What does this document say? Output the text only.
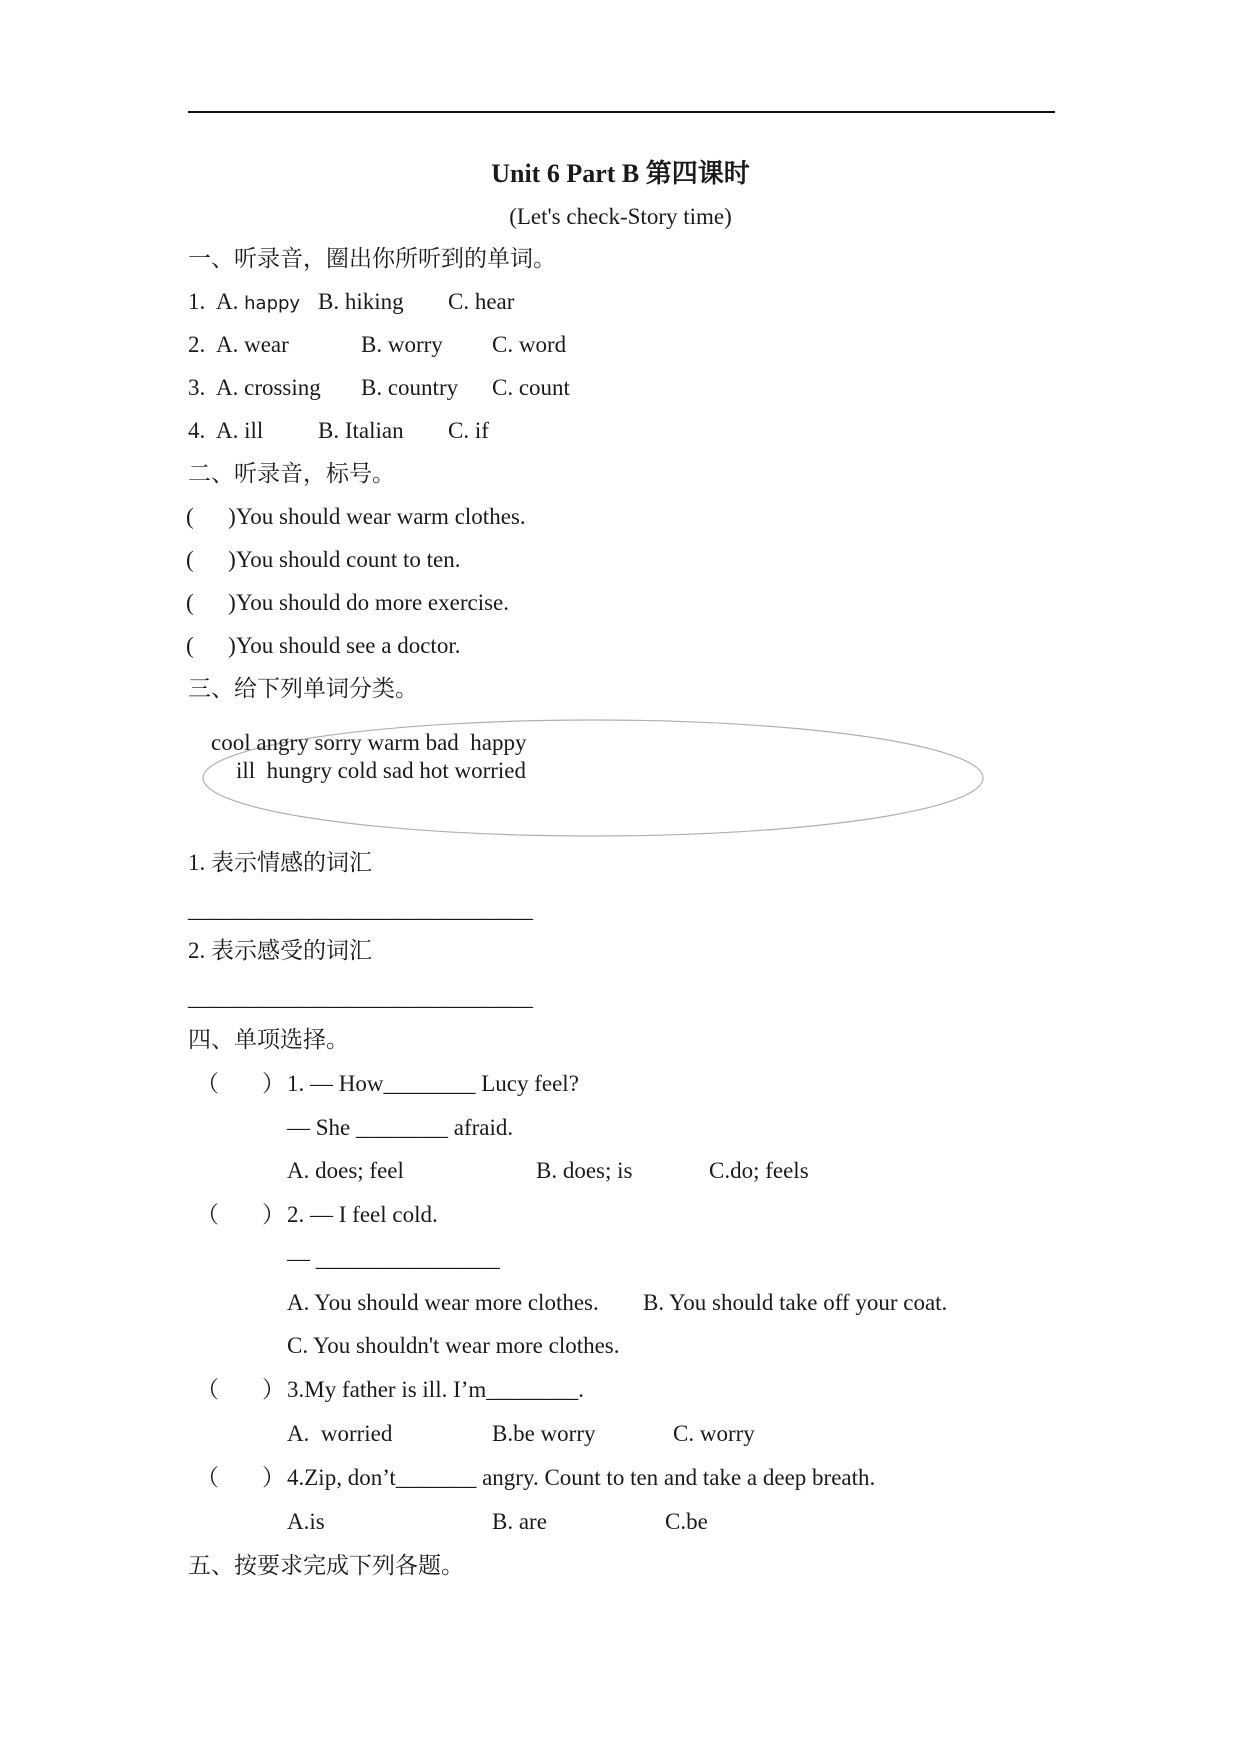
Unit 6 Part B 第四课时
(Let's check-Story time)
一、听录音，圈出你所听到的单词。
1. A. happy B. hiking C. hear
2. A. wear	B. worry C. word
3. A. crossing B. country C. count
4. A. ill B. Italian C. if
二、听录音，标号。
(      ) You should wear warm clothes.
(      ) You should count to ten.
(      ) You should do more exercise.
(      ) You should see a doctor.
三、给下列单词分类。
cool angry sorry warm bad  happy
ill  hungry cold sad hot worried
1. 表示情感的词汇
______________________________
2. 表示感受的词汇
______________________________
四、单项选择。
（ ） 1. — How________ Lucy feel?
— She ________ afraid.
A. does; feel	B. does; is	C.do; feels
（ ） 2. — I feel cold.
— ________________
A. You should wear more clothes. B. You should take off your coat.
C. You shouldn't wear more clothes.
（ ） 3.My father is ill. I’m________.
A.  worried	B.be worry	C. worry
（ ） 4.Zip, don’t_______ angry. Count to ten and take a deep breath.
A.is	B. are	C.be
五、按要求完成下列各题。
